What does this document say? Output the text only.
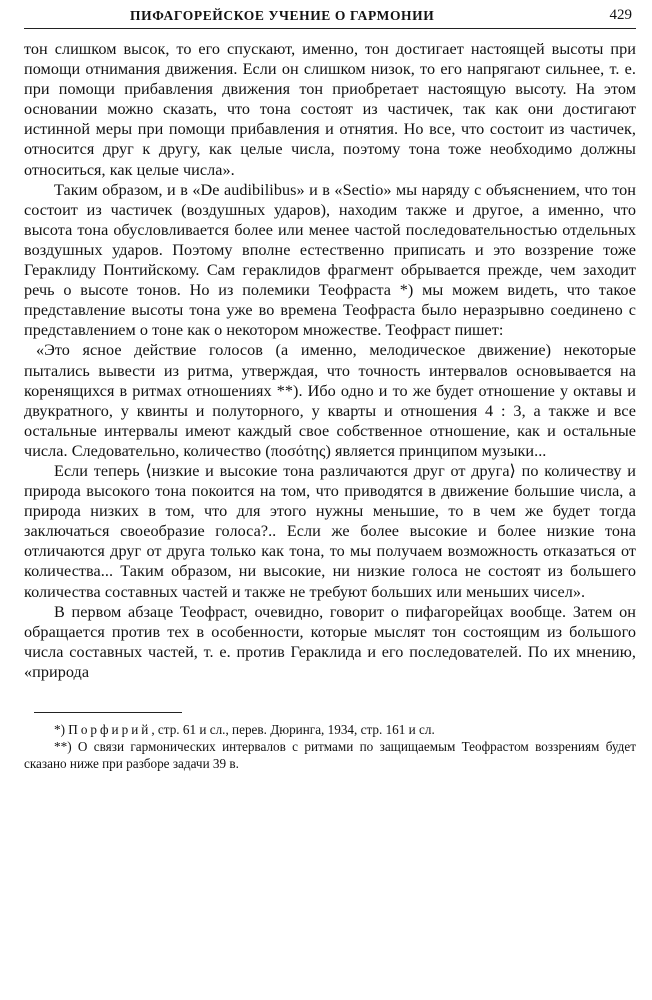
ПИФАГОРЕЙСКОЕ УЧЕНИЕ О ГАРМОНИИ	429

тон слишком высок, то его спускают, именно, тон достигает настоящей высоты при помощи отнимания движения. Если он слишком низок, то его напрягают сильнее, т. е. при помощи прибавления движения тон приобретает настоящую высоту. На этом основании можно сказать, что тона состоят из частичек, так как они достигают истинной меры при помощи прибавления и отнятия. Но все, что состоит из частичек, относится друг к другу, как целые числа, поэтому тона тоже необходимо должны относиться, как целые числа».

Таким образом, и в «De audibilibus» и в «Sectio» мы наряду с объяснением, что тон состоит из частичек (воздушных ударов), находим также и другое, а именно, что высота тона обусловливается более или менее частой последовательностью отдельных воздушных ударов. Поэтому вполне естественно приписать и это воззрение тоже Гераклиду Понтийскому. Сам гераклидов фрагмент обрывается прежде, чем заходит речь о высоте тонов. Но из полемики Теофраста *) мы можем видеть, что такое представление высоты тона уже во времена Теофраста было неразрывно соединено с представлением о тоне как о некотором множестве. Теофраст пишет:

«Это ясное действие голосов (а именно, мелодическое движение) некоторые пытались вывести из ритма, утверждая, что точность интервалов основывается на коренящихся в ритмах отношениях **). Ибо одно и то же будет отношение у октавы и двукратного, у квинты и полуторного, у кварты и отношения 4 : 3, а также и все остальные интервалы имеют каждый свое собственное отношение, как и остальные числа. Следовательно, количество (ποσότης) является принципом музыки...

Если теперь ⟨низкие и высокие тона различаются друг от друга⟩ по количеству и природа высокого тона покоится на том, что приводятся в движение большие числа, а природа низких в том, что для этого нужны меньшие, то в чем же будет тогда заключаться своеобразие голоса?.. Если же более высокие и более низкие тона отличаются друг от друга только как тона, то мы получаем возможность отказаться от количества... Таким образом, ни высокие, ни низкие голоса не состоят из большего количества составных частей и также не требуют больших или меньших чисел».

В первом абзаце Теофраст, очевидно, говорит о пифагорейцах вообще. Затем он обращается против тех в особенности, которые мыслят тон состоящим из большого числа составных частей, т. е. против Гераклида и его последователей. По их мнению, «природа

*) Порфирий, стр. 61 и сл., перев. Дюринга, 1934, стр. 161 и сл.

**) О связи гармонических интервалов с ритмами по защищаемым Теофрастом воззрениям будет сказано ниже при разборе задачи 39 в.
